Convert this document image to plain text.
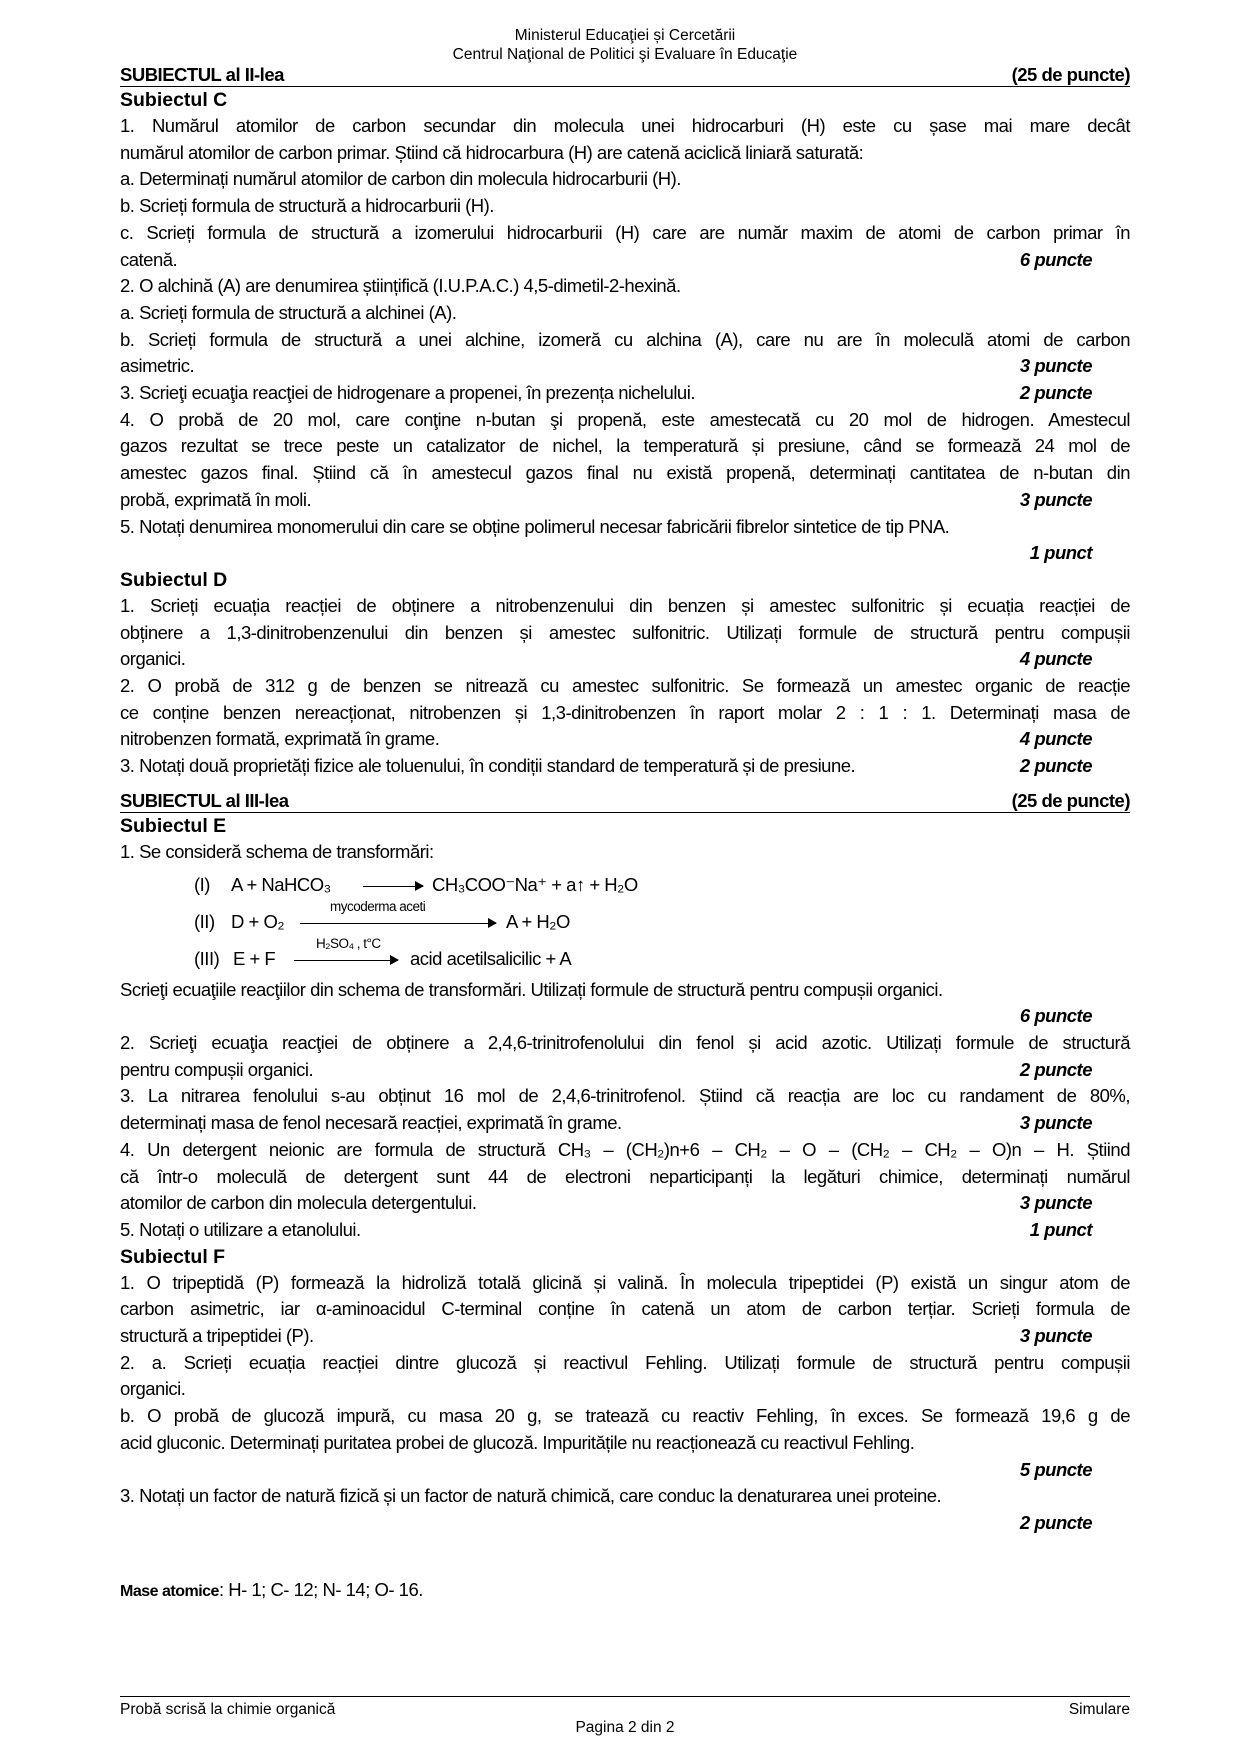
Ministerul Educaţiei și Cercetării
Centrul Naţional de Politici şi Evaluare în Educaţie
SUBIECTUL al II-lea	(25 de puncte)
Subiectul C
1. Numărul atomilor de carbon secundar din molecula unei hidrocarburi (H) este cu șase mai mare decât
numărul atomilor de carbon primar. Știind că hidrocarbura (H) are catenă aciclică liniară saturată:
a. Determinați numărul atomilor de carbon din molecula hidrocarburii (H).
b. Scrieți formula de structură a hidrocarburii (H).
c. Scrieți formula de structură a izomerului hidrocarburii (H) care are număr maxim de atomi de carbon primar în
catenă.	6 puncte
2. O alchină (A) are denumirea științifică (I.U.P.A.C.) 4,5-dimetil-2-hexină.
a. Scrieți formula de structură a alchinei (A).
b. Scrieți formula de structură a unei alchine, izomeră cu alchina (A), care nu are în moleculă atomi de carbon
asimetric.	3 puncte
3. Scrieţi ecuaţia reacţiei de hidrogenare a propenei, în prezența nichelului.	2 puncte
4. O probă de 20 mol, care conţine n-butan şi propenă, este amestecată cu 20 mol de hidrogen. Amestecul
gazos rezultat se trece peste un catalizator de nichel, la temperatură și presiune, când se formează 24 mol de
amestec gazos final. Știind că în amestecul gazos final nu există propenă, determinați cantitatea de n-butan din
probă, exprimată în moli.	3 puncte
5. Notați denumirea monomerului din care se obține polimerul necesar fabricării fibrelor sintetice de tip PNA.
1 punct
Subiectul D
1. Scrieți ecuația reacției de obținere a nitrobenzenului din benzen și amestec sulfonitric și ecuația reacției de
obținere a 1,3-dinitrobenzenului din benzen și amestec sulfonitric. Utilizați formule de structură pentru compușii
organici.	4 puncte
2. O probă de 312 g de benzen se nitrează cu amestec sulfonitric. Se formează un amestec organic de reacție
ce conține benzen nereacționat, nitrobenzen și 1,3-dinitrobenzen în raport molar 2 : 1 : 1. Determinați masa de
nitrobenzen formată, exprimată în grame.	4 puncte
3. Notați două proprietăți fizice ale toluenului, în condiții standard de temperatură și de presiune.	2 puncte
SUBIECTUL al III-lea	(25 de puncte)
Subiectul E
1. Se consideră schema de transformări:
(I) A + NaHCO₃ → CH₃COO⁻Na⁺ + a↑ + H₂O
(II) D + O₂
mycoderma aceti
A + H₂O
(III) E + F
H₂SO₄ , t°C
acid acetilsalicilic + A
Scrieţi ecuaţiile reacţiilor din schema de transformări. Utilizați formule de structură pentru compușii organici.
6 puncte
2. Scrieţi ecuaţia reacţiei de obținere a 2,4,6-trinitrofenolului din fenol și acid azotic. Utilizați formule de structură
pentru compușii organici.	2 puncte
3. La nitrarea fenolului s-au obținut 16 mol de 2,4,6-trinitrofenol. Știind că reacția are loc cu randament de 80%,
determinați masa de fenol necesară reacției, exprimată în grame.	3 puncte
4. Un detergent neionic are formula de structură CH₃ – (CH₂)n+6 – CH₂ – O – (CH₂ – CH₂ – O)n – H. Știind
că într-o moleculă de detergent sunt 44 de electroni neparticipanți la legături chimice, determinați numărul
atomilor de carbon din molecula detergentului.	3 puncte
5. Notați o utilizare a etanolului.	1 punct
Subiectul F
1. O tripeptidă (P) formează la hidroliză totală glicină și valină. În molecula tripeptidei (P) există un singur atom de
carbon asimetric, iar α-aminoacidul C-terminal conține în catenă un atom de carbon terțiar. Scrieți formula de
structură a tripeptidei (P).	3 puncte
2. a. Scrieți ecuația reacției dintre glucoză și reactivul Fehling. Utilizați formule de structură pentru compușii
organici.
b. O probă de glucoză impură, cu masa 20 g, se tratează cu reactiv Fehling, în exces. Se formează 19,6 g de
acid gluconic. Determinați puritatea probei de glucoză. Impuritățile nu reacționează cu reactivul Fehling.
5 puncte
3. Notați un factor de natură fizică și un factor de natură chimică, care conduc la denaturarea unei proteine.
2 puncte
Mase atomice: H- 1; C- 12; N- 14; O- 16.
Probă scrisă la chimie organică	Simulare
Pagina 2 din 2
